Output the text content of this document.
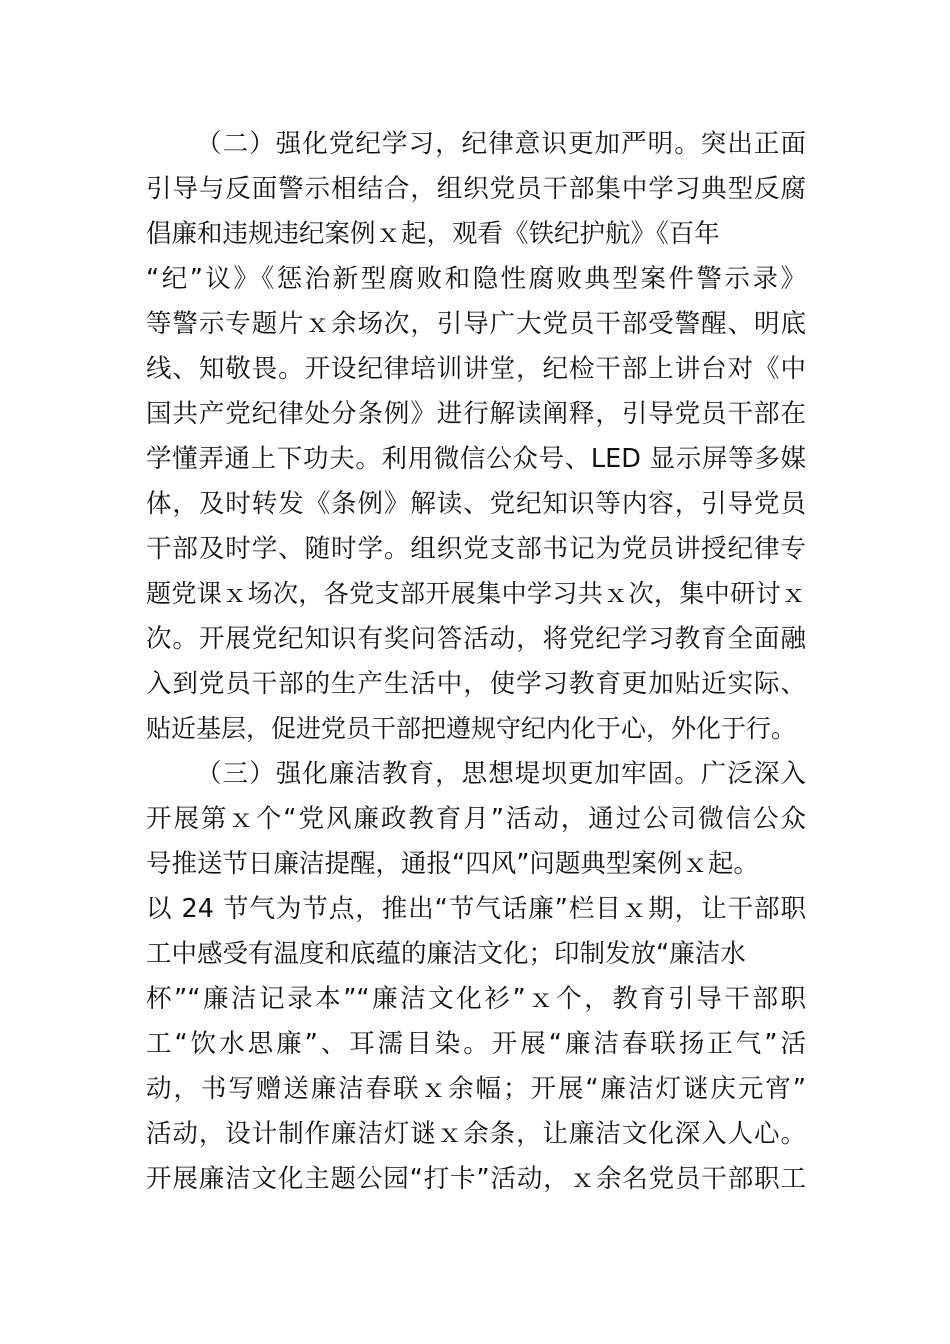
（二）强化党纪学习，纪律意识更加严明。突出正面
引导与反面警示相结合，组织党员干部集中学习典型反腐
倡廉和违规违纪案例ｘ起，观看《铁纪护航》《百年
“纪”议》《惩治新型腐败和隐性腐败典型案件警示录》
等警示专题片ｘ余场次，引导广大党员干部受警醒、明底
线、知敬畏。开设纪律培训讲堂，纪检干部上讲台对《中
国共产党纪律处分条例》进行解读阐释，引导党员干部在
学懂弄通上下功夫。利用微信公众号、LED 显示屏等多媒
体，及时转发《条例》解读、党纪知识等内容，引导党员
干部及时学、随时学。组织党支部书记为党员讲授纪律专
题党课ｘ场次，各党支部开展集中学习共ｘ次，集中研讨ｘ
次。开展党纪知识有奖问答活动，将党纪学习教育全面融
入到党员干部的生产生活中，使学习教育更加贴近实际、
贴近基层，促进党员干部把遵规守纪内化于心，外化于行。
（三）强化廉洁教育，思想堤坝更加牢固。广泛深入
开展第ｘ个“党风廉政教育月”活动，通过公司微信公众
号推送节日廉洁提醒，通报“四风”问题典型案例ｘ起。
以 24 节气为节点，推出“节气话廉”栏目ｘ期，让干部职
工中感受有温度和底蕴的廉洁文化；印制发放“廉洁水
杯”“廉洁记录本”“廉洁文化衫”ｘ个，教育引导干部职
工“饮水思廉”、耳濡目染。开展“廉洁春联扬正气”活
动，书写赠送廉洁春联ｘ余幅；开展“廉洁灯谜庆元宵”
活动，设计制作廉洁灯谜ｘ余条，让廉洁文化深入人心。
开展廉洁文化主题公园“打卡”活动，ｘ余名党员干部职工
